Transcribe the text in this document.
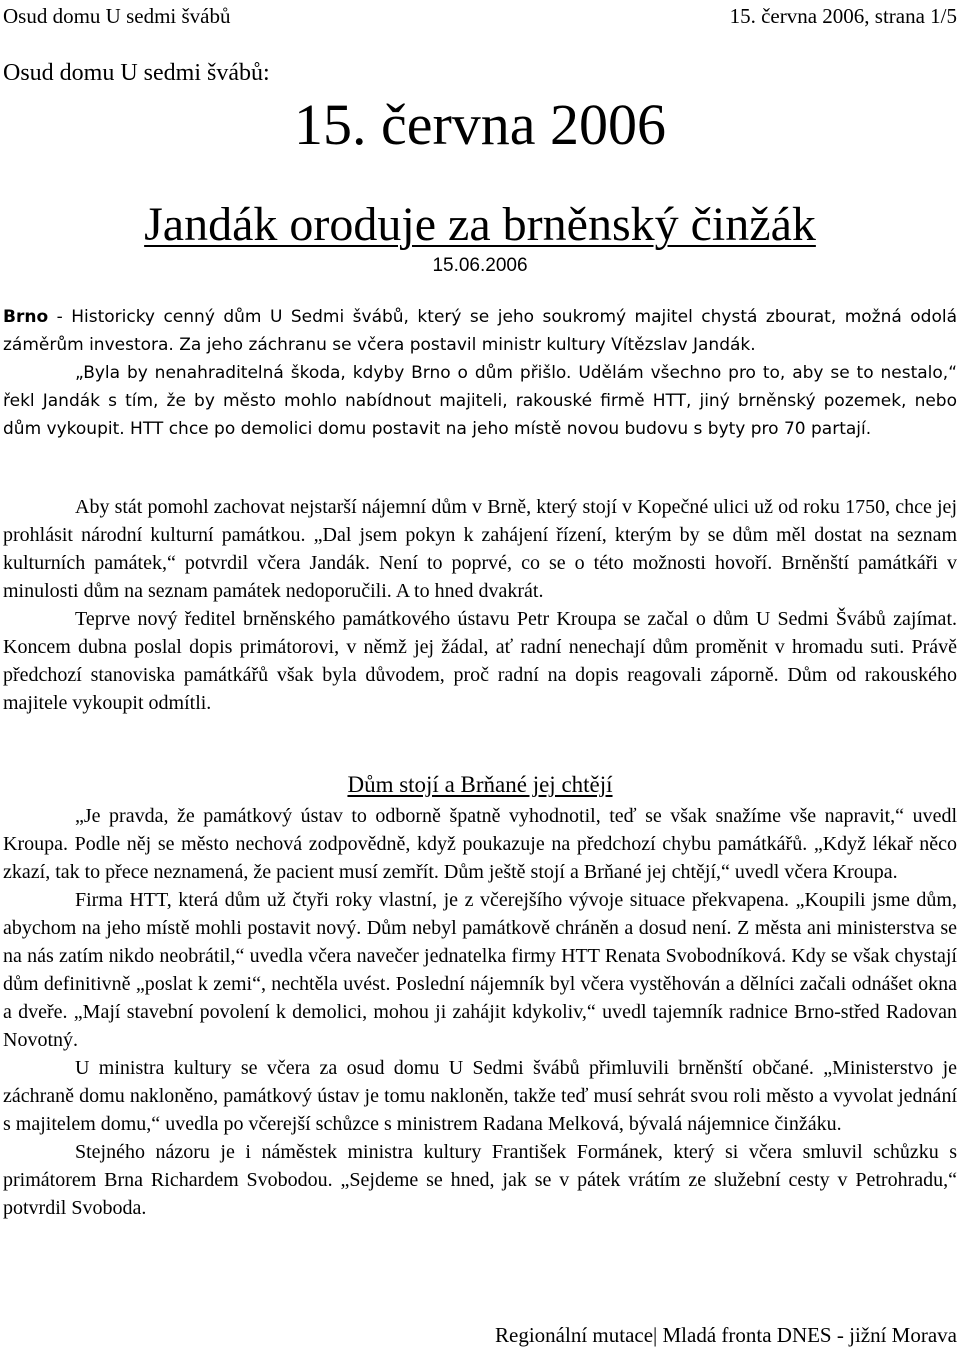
Osud domu U sedmi švábů	15. června 2006, strana 1/5
Osud domu U sedmi švábů:
15. června 2006
Jandák oroduje za brněnský činžák
15.06.2006

Brno - Historicky cenný dům U Sedmi švábů, který se jeho soukromý majitel chystá zbourat, možná odolá záměrům investora. Za jeho záchranu se včera postavil ministr kultury Vítězslav Jandák.

„Byla by nenahraditelná škoda, kdyby Brno o dům přišlo. Udělám všechno pro to, aby se to nestalo,“ řekl Jandák s tím, že by město mohlo nabídnout majiteli, rakouské firmě HTT, jiný brněnský pozemek, nebo dům vykoupit. HTT chce po demolici domu postavit na jeho místě novou budovu s byty pro 70 partají.

Aby stát pomohl zachovat nejstarší nájemní dům v Brně, který stojí v Kopečné ulici už od roku 1750, chce jej prohlásit národní kulturní památkou. „Dal jsem pokyn k zahájení řízení, kterým by se dům měl dostat na seznam kulturních památek,“ potvrdil včera Jandák. Není to poprvé, co se o této možnosti hovoří. Brněnští památkáři v minulosti dům na seznam památek nedoporučili. A to hned dvakrát.

Teprve nový ředitel brněnského památkového ústavu Petr Kroupa se začal o dům U Sedmi Švábů zajímat. Koncem dubna poslal dopis primátorovi, v němž jej žádal, ať radní nenechají dům proměnit v hromadu suti. Právě předchozí stanoviska památkářů však byla důvodem, proč radní na dopis reagovali záporně. Dům od rakouského majitele vykoupit odmítli.

Dům stojí a Brňané jej chtějí

„Je pravda, že památkový ústav to odborně špatně vyhodnotil, teď se však snažíme vše napravit,“ uvedl Kroupa. Podle něj se město nechová zodpovědně, když poukazuje na předchozí chybu památkářů. „Když lékař něco zkazí, tak to přece neznamená, že pacient musí zemřít. Dům ještě stojí a Brňané jej chtějí,“ uvedl včera Kroupa.

Firma HTT, která dům už čtyři roky vlastní, je z včerejšího vývoje situace překvapena. „Koupili jsme dům, abychom na jeho místě mohli postavit nový. Dům nebyl památkově chráněn a dosud není. Z města ani ministerstva se na nás zatím nikdo neobrátil,“ uvedla včera navečer jednatelka firmy HTT Renata Svobodníková. Kdy se však chystají dům definitivně „poslat k zemi“, nechtěla uvést. Poslední nájemník byl včera vystěhován a dělníci začali odnášet okna a dveře. „Mají stavební povolení k demolici, mohou ji zahájit kdykoliv,“ uvedl tajemník radnice Brno-střed Radovan Novotný.

U ministra kultury se včera za osud domu U Sedmi švábů přimluvili brněnští občané. „Ministerstvo je záchraně domu nakloněno, památkový ústav je tomu nakloněn, takže teď musí sehrát svou roli město a vyvolat jednání s majitelem domu,“ uvedla po včerejší schůzce s ministrem Radana Melková, bývalá nájemnice činžáku.

Stejného názoru je i náměstek ministra kultury František Formánek, který si včera smluvil schůzku s primátorem Brna Richardem Svobodou. „Sejdeme se hned, jak se v pátek vrátím ze služební cesty v Petrohradu,“ potvrdil Svoboda.

Regionální mutace| Mladá fronta DNES - jižní Morava
